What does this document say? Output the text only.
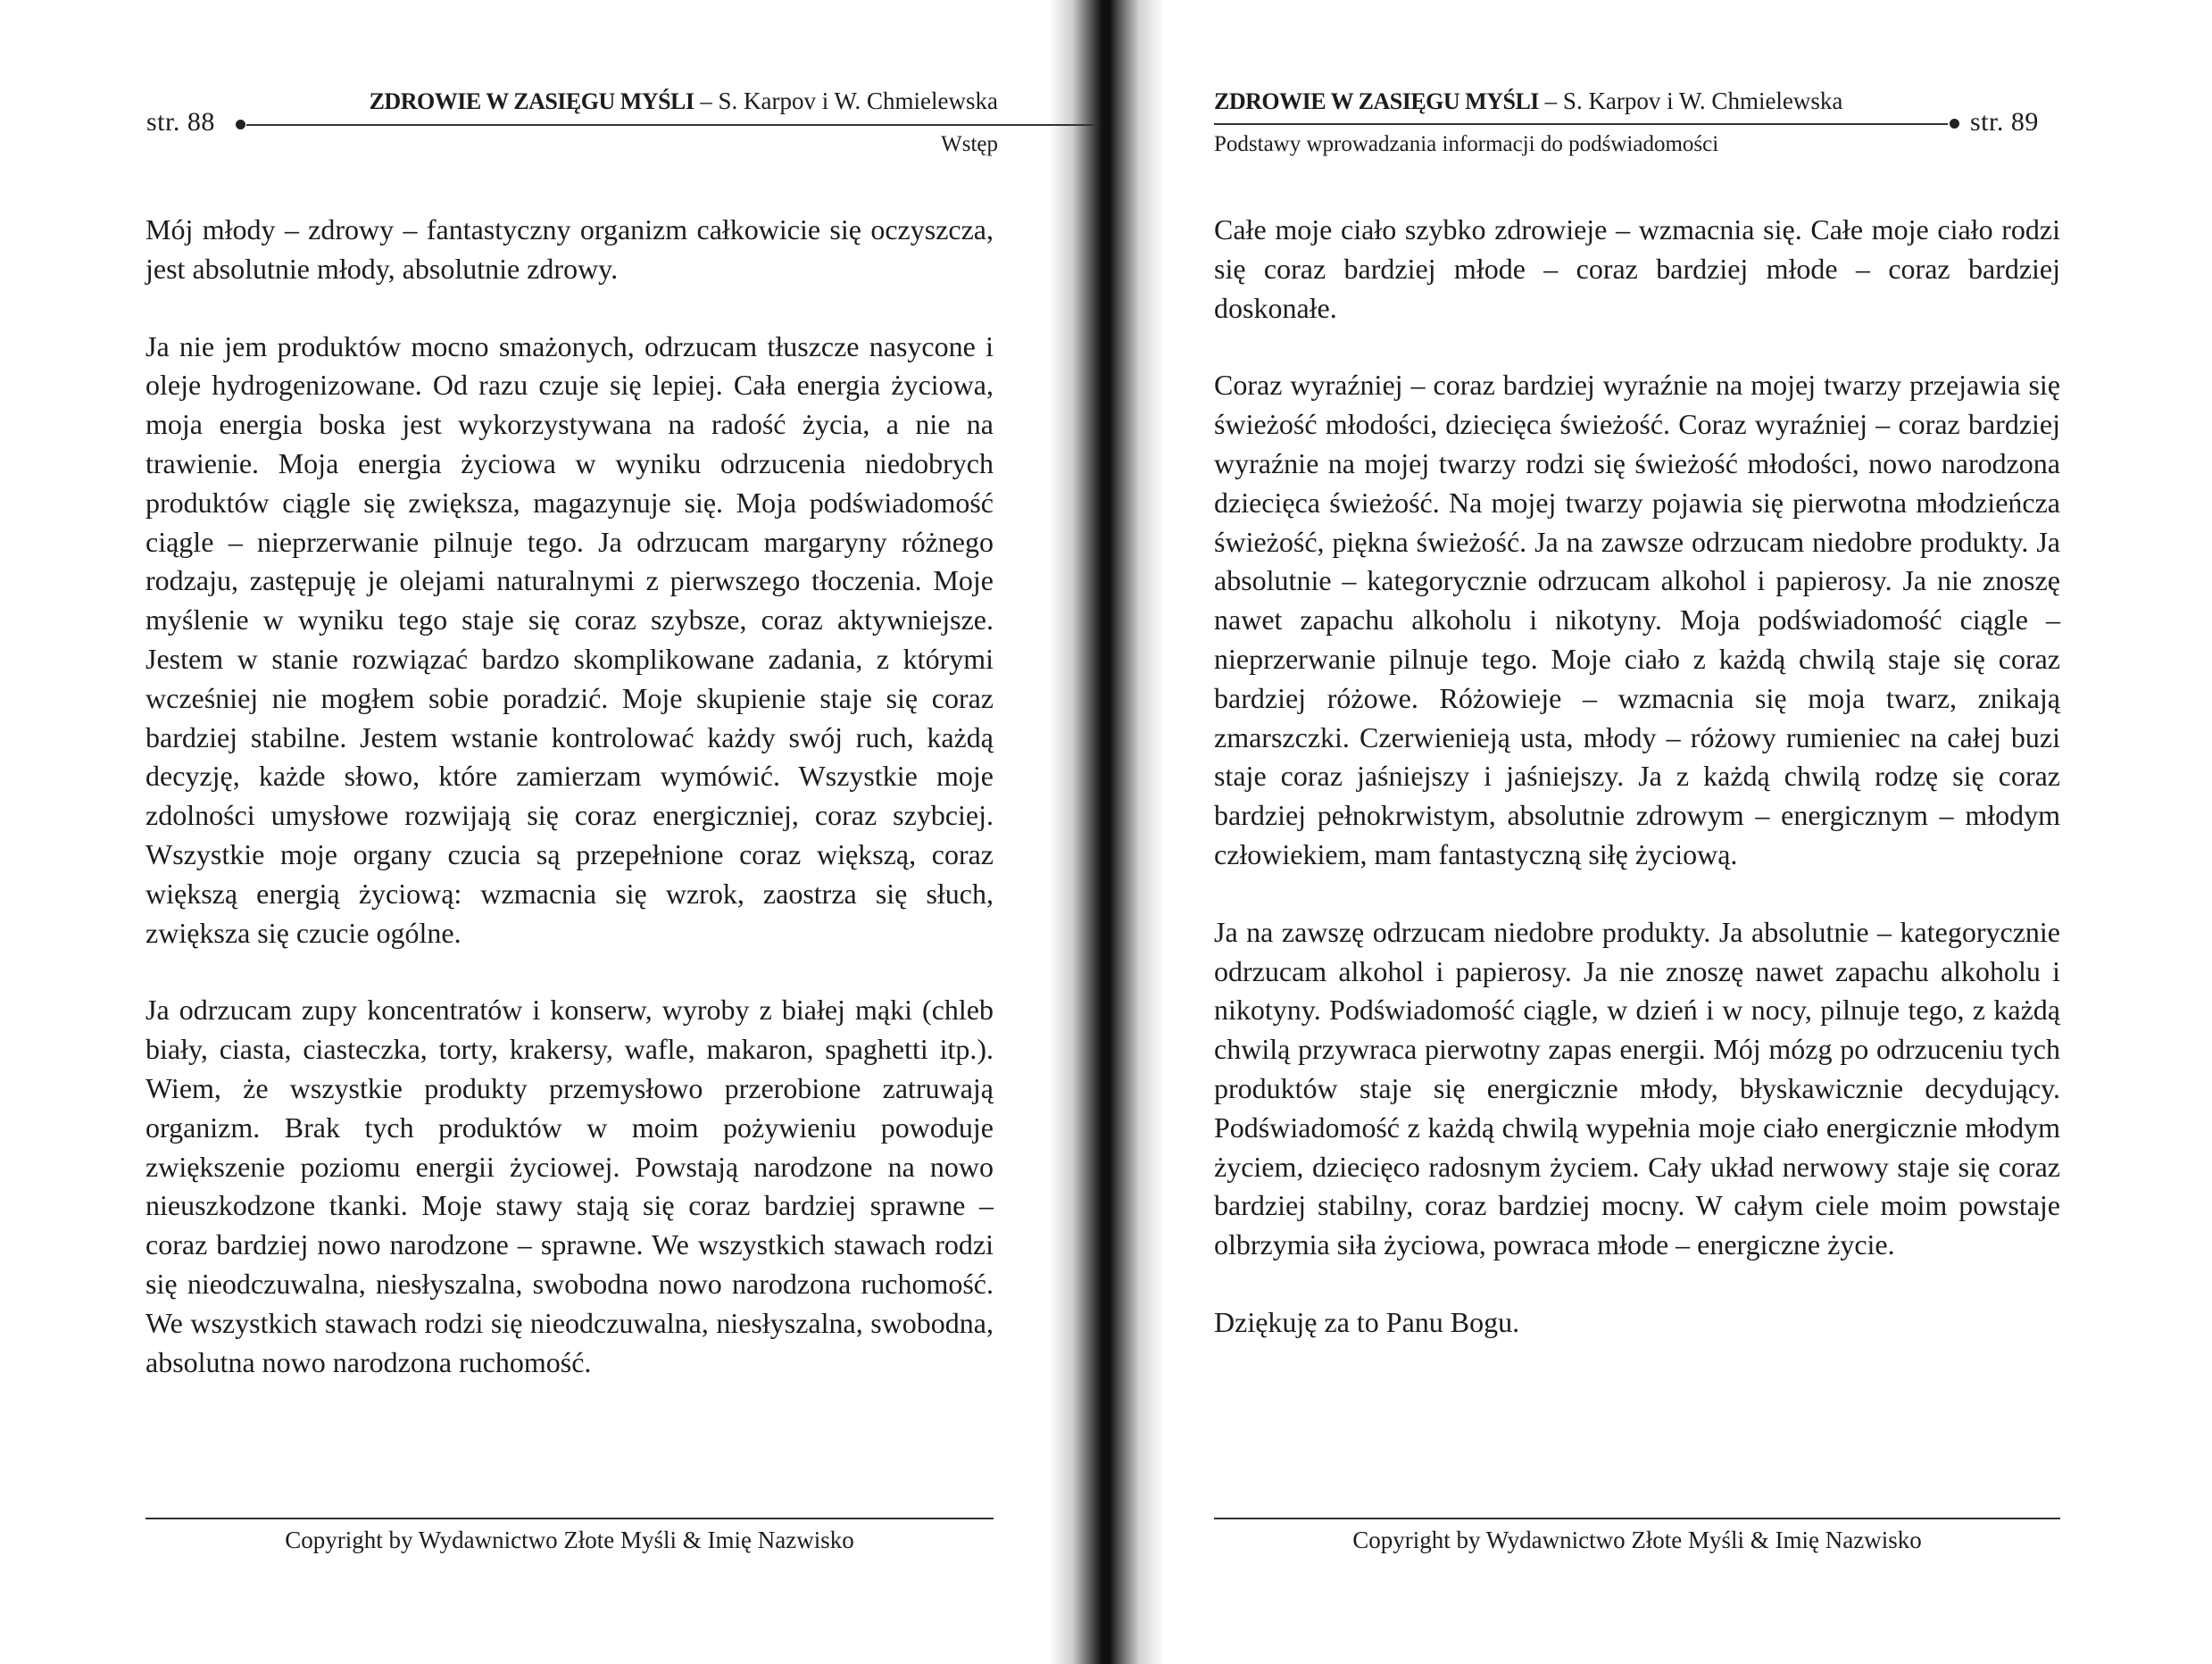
str. 88
ZDROWIE W ZASIĘGU MYŚLI – S. Karpov i W. Chmielewska
Wstęp
ZDROWIE W ZASIĘGU MYŚLI – S. Karpov i W. Chmielewska
str. 89
Podstawy wprowadzania informacji do podświadomości

Mój młody – zdrowy – fantastyczny organizm całkowicie się oczyszcza, jest absolutnie młody, absolutnie zdrowy.

Ja nie jem produktów mocno smażonych, odrzucam tłuszcze nasycone i oleje hydrogenizowane. Od razu czuje się lepiej. Cała energia życiowa, moja energia boska jest wykorzystywana na radość życia, a nie na trawienie. Moja energia życiowa w wyniku odrzucenia niedobrych produktów ciągle się zwiększa, magazynuje się. Moja podświadomość ciągle – nieprzerwanie pilnuje tego. Ja odrzucam margaryny różnego rodzaju, zastępuję je olejami naturalnymi z pierwszego tłoczenia. Moje myślenie w wyniku tego staje się coraz szybsze, coraz aktywniejsze. Jestem w stanie rozwiązać bardzo skomplikowane zadania, z którymi wcześniej nie mogłem sobie poradzić. Moje skupienie staje się coraz bardziej stabilne. Jestem wstanie kontrolować każdy swój ruch, każdą decyzję, każde słowo, które zamierzam wymówić. Wszystkie moje zdolności umysłowe rozwijają się coraz energiczniej, coraz szybciej. Wszystkie moje organy czucia są przepełnione coraz większą, coraz większą energią życiową: wzmacnia się wzrok, zaostrza się słuch, zwiększa się czucie ogólne.

Ja odrzucam zupy koncentratów i konserw, wyroby z białej mąki (chleb biały, ciasta, ciasteczka, torty, krakersy, wafle, makaron, spaghetti itp.). Wiem, że wszystkie produkty przemysłowo przerobione zatruwają organizm. Brak tych produktów w moim pożywieniu powoduje zwiększenie poziomu energii życiowej. Powstają narodzone na nowo nieuszkodzone tkanki. Moje stawy stają się coraz bardziej sprawne – coraz bardziej nowo narodzone – sprawne. We wszystkich stawach rodzi się nieodczuwalna, niesłyszalna, swobodna nowo narodzona ruchomość. We wszystkich stawach rodzi się nieodczuwalna, niesłyszalna, swobodna, absolutna nowo narodzona ruchomość.

Całe moje ciało szybko zdrowieje – wzmacnia się. Całe moje ciało rodzi się coraz bardziej młode – coraz bardziej młode – coraz bardziej doskonałe.

Coraz wyraźniej – coraz bardziej wyraźnie na mojej twarzy przejawia się świeżość młodości, dziecięca świeżość. Coraz wyraźniej – coraz bardziej wyraźnie na mojej twarzy rodzi się świeżość młodości, nowo narodzona dziecięca świeżość. Na mojej twarzy pojawia się pierwotna młodzieńcza świeżość, piękna świeżość. Ja na zawsze odrzucam niedobre produkty. Ja absolutnie – kategorycznie odrzucam alkohol i papierosy. Ja nie znoszę nawet zapachu alkoholu i nikotyny. Moja podświadomość ciągle – nieprzerwanie pilnuje tego. Moje ciało z każdą chwilą staje się coraz bardziej różowe. Różowieje – wzmacnia się moja twarz, znikają zmarszczki. Czerwienieją usta, młody – różowy rumieniec na całej buzi staje coraz jaśniejszy i jaśniejszy. Ja z każdą chwilą rodzę się coraz bardziej pełnokrwistym, absolutnie zdrowym – energicznym – młodym człowiekiem, mam fantastyczną siłę życiową.

Ja na zawszę odrzucam niedobre produkty. Ja absolutnie – kategorycznie odrzucam alkohol i papierosy. Ja nie znoszę nawet zapachu alkoholu i nikotyny. Podświadomość ciągle, w dzień i w nocy, pilnuje tego, z każdą chwilą przywraca pierwotny zapas energii. Mój mózg po odrzuceniu tych produktów staje się energicznie młody, błyskawicznie decydujący. Podświadomość z każdą chwilą wypełnia moje ciało energicznie młodym życiem, dziecięco radosnym życiem. Cały układ nerwowy staje się coraz bardziej stabilny, coraz bardziej mocny. W całym ciele moim powstaje olbrzymia siła życiowa, powraca młode – energiczne życie.

Dziękuję za to Panu Bogu.

Copyright by Wydawnictwo Złote Myśli & Imię Nazwisko	Copyright by Wydawnictwo Złote Myśli & Imię Nazwisko
